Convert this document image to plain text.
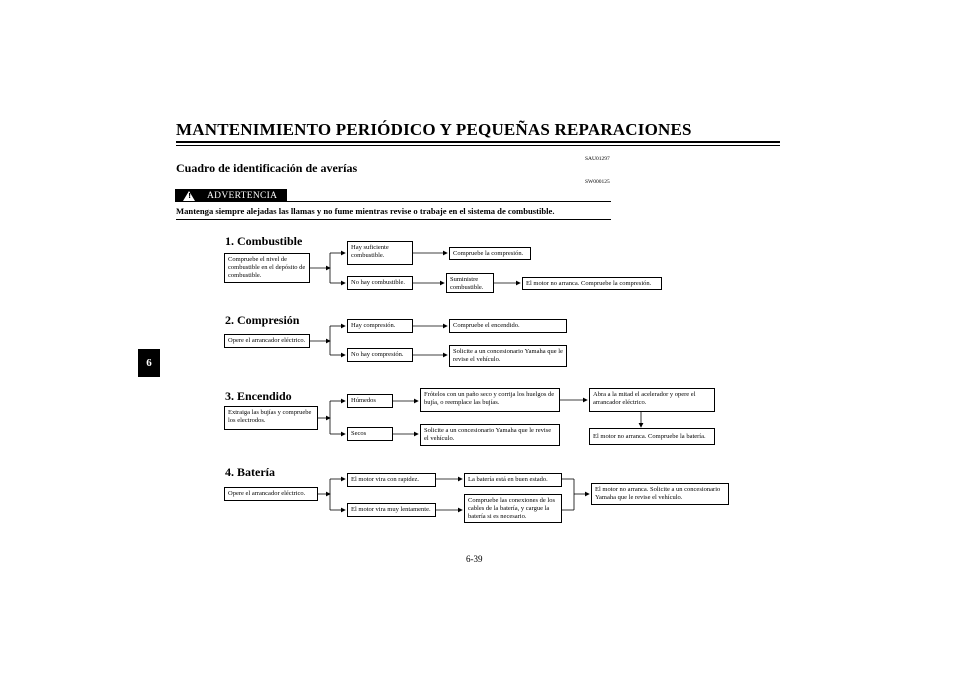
MANTENIMIENTO PERIÓDICO Y PEQUEÑAS REPARACIONES
SAU01297
Cuadro de identificación de averías
SW000125
! ADVERTENCIA
Mantenga siempre alejadas las llamas y no fume mientras revise o trabaje en el sistema de combustible.
6
1. Combustible
Compruebe el nivel de combustible en el depósito de combustible.
Hay suficiente combustible.
No hay combustible.
Compruebe la compresión.
Suministre combustible.
El motor no arranca. Compruebe la compresión.
2. Compresión
Opere el arrancador eléctrico.
Hay compresión.
No hay compresión.
Compruebe el encendido.
Solicite a un concesionario Yamaha que le revise el vehículo.
3. Encendido
Extraiga las bujías y compruebe los electrodos.
Húmedos
Secos
Frótelos con un paño seco y corrija los huelgos de bujía, o reemplace las bujías.
Solicite a un concesionario Yamaha que le revise el vehículo.
Abra a la mitad el acelerador y opere el arrancador eléctrico.
El motor no arranca. Compruebe la batería.
4. Batería
Opere el arrancador eléctrico.
El motor vira con rapidez.
El motor vira muy lentamente.
La batería está en buen estado.
Compruebe las conexiones de los cables de la batería, y cargue la batería si es necesario.
El motor no arranca. Solicite a un concesionario Yamaha que le revise el vehículo.
6-39
